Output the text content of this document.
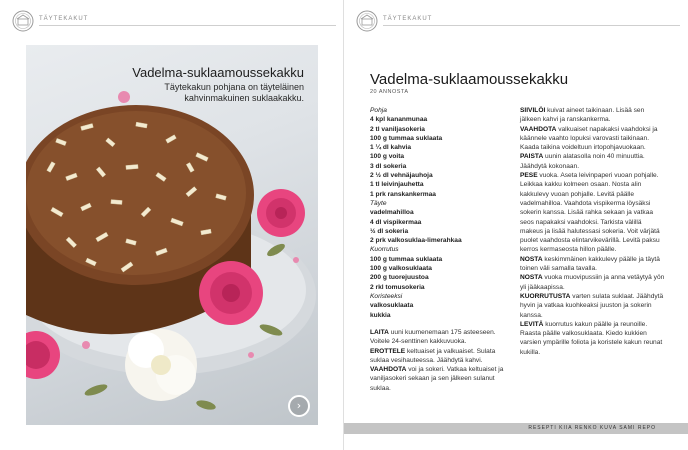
TÄYTEKAKUT
Vadelma-suklaamoussekakku
Täytekakun pohjana on täyteläinen kahvinmakuinen suklaakakku.
›
TÄYTEKAKUT
Vadelma-suklaamoussekakku
20 ANNOSTA
Pohja
4 kpl kananmunaa
2 tl vaniljasokeria
100 g tummaa suklaata
1 ¼ dl kahvia
100 g voita
3 dl sokeria
2 ½ dl vehnäjauhoja
1 tl leivinjauhetta
1 prk ranskankermaa
Täyte
vadelmahilloa
4 dl vispikermaa
½ dl sokeria
2 prk valkosuklaa-limerahkaa
Kuorrutus
100 g tummaa suklaata
100 g valkosuklaata
200 g tuorejuustoa
2 rkl tomusokeria
Koristeeksi
valkosuklaata
kukkia

LAITA uuni kuumenemaan 175 asteeseen. Voitele 24-senttinen kakkuvuoka.

EROTTELE keltuaiset ja valkuaiset. Sulata suklaa vesihauteessa. Jäähdytä kahvi.

VAAHDOTA voi ja sokeri. Vatkaa keltuaiset ja vaniljasokeri sekaan ja sen jälkeen sulanut suklaa.

SIIVILÖI kuivat aineet taikinaan. Lisää sen jälkeen kahvi ja ranskankerma.

VAAHDOTA valkuaiset napakaksi vaahdoksi ja käännele vaahto lopuksi varovasti taikinaan. Kaada taikina voideltuun irtopohjavuokaan.

PAISTA uunin alatasolla noin 40 minuuttia. Jäähdytä kokonaan.

PESE vuoka. Aseta leivinpaperi vuoan pohjalle. Leikkaa kakku kolmeen osaan. Nosta alin kakkulevy vuoan pohjalle. Levitä päälle vadelmahilloa. Vaahdota vispikerma löysäksi sokerin kanssa. Lisää rahka sekaan ja vatkaa seos napakaksi vaahdoksi. Tarkista välillä makeus ja lisää halutessasi sokeria. Voit värjätä puolet vaahdosta elintarvikevärillä. Levitä paksu kerros kermaseosta hillon päälle.

NOSTA keskimmäinen kakkulevy päälle ja täytä toinen väli samalla tavalla.

NOSTA vuoka muovipussiin ja anna vetäytyä yön yli jääkaapissa.

KUORRUTUSTA varten sulata suklaat. Jäähdytä hyvin ja vatkaa kuohkeaksi juuston ja sokerin kanssa.

LEVITÄ kuorrutus kakun päälle ja reunoille. Raasta päälle valkosuklaata. Kiedo kukkien varsien ympärille foliota ja koristele kakun reunat kukilla.

RESEPTI KIIA RENKO KUVA SAMI REPO
